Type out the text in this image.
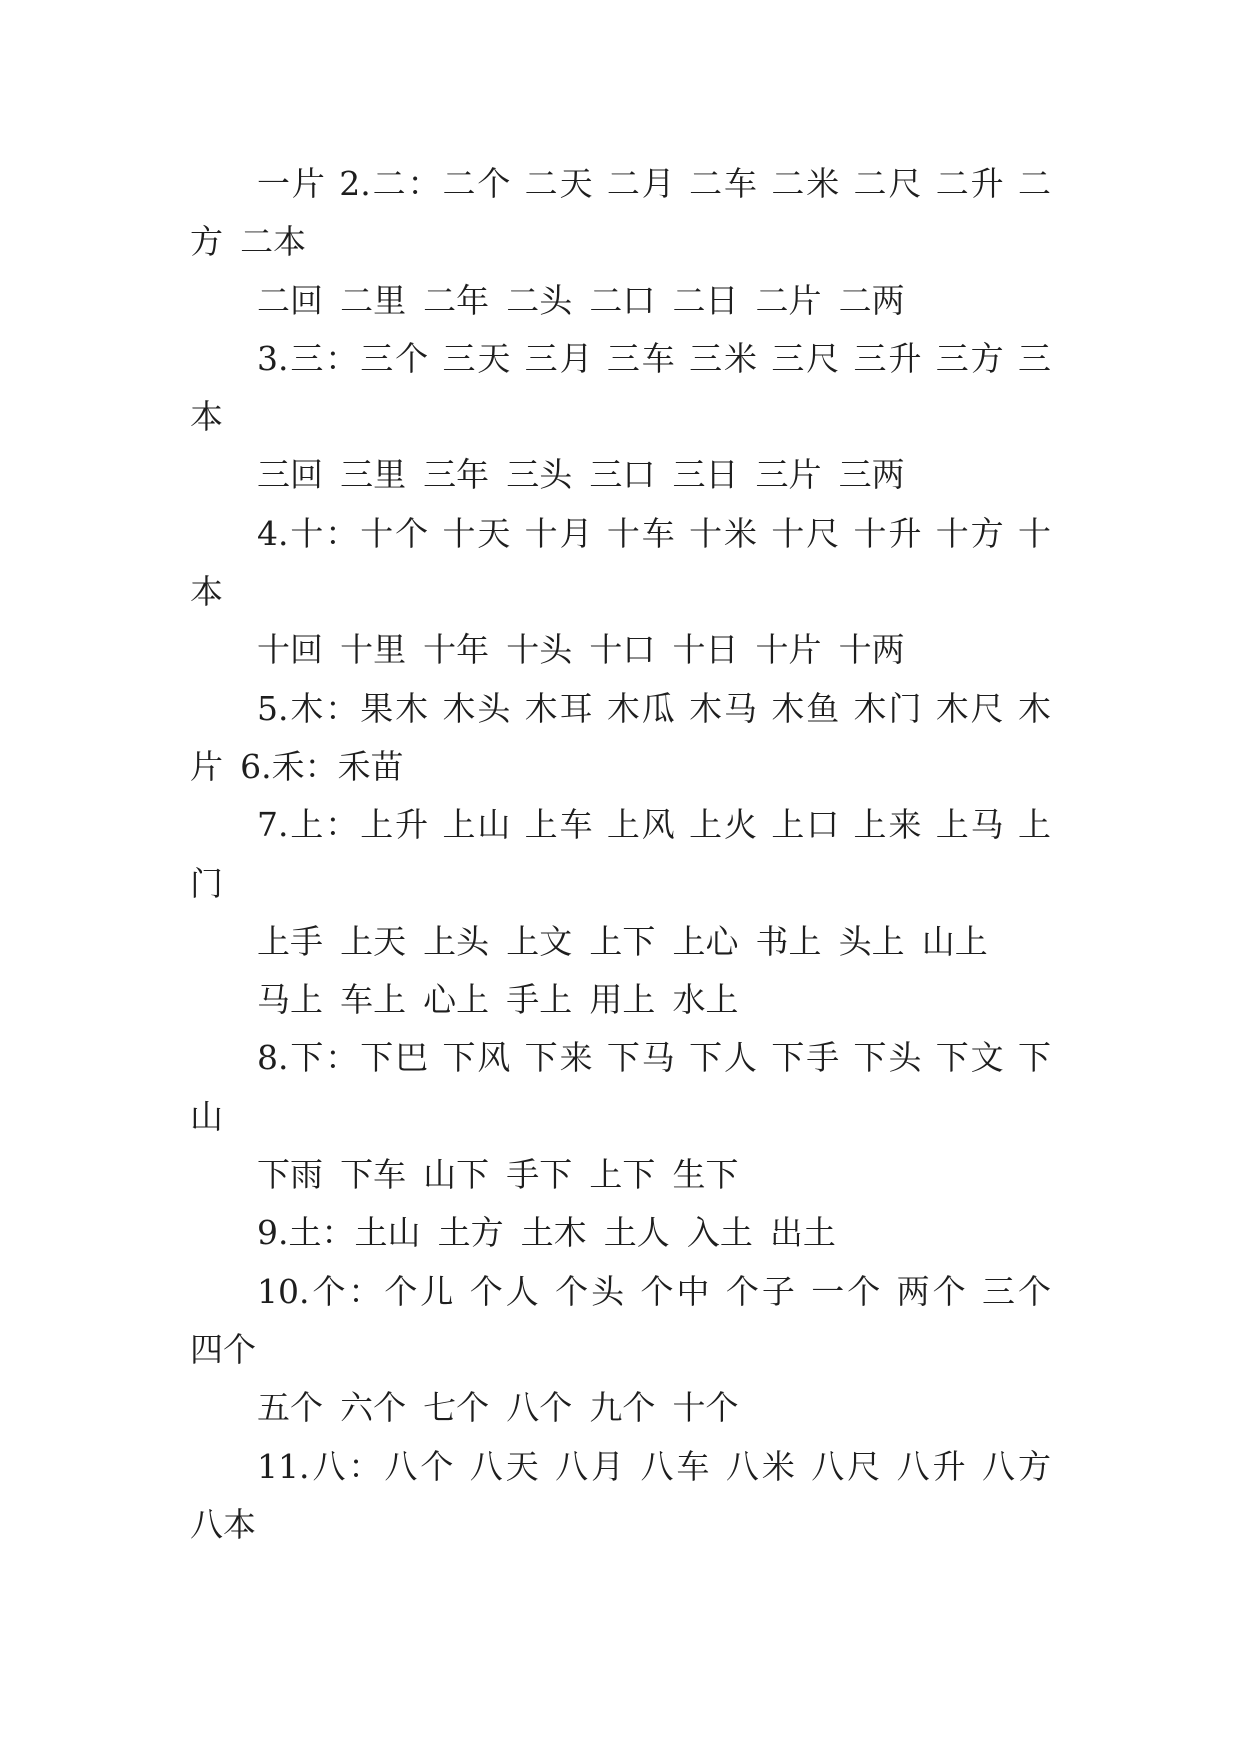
一片 2.二：二个 二天 二月 二车 二米 二尺 二升 二
方 二本
二回 二里 二年 二头 二口 二日 二片 二两
3.三：三个 三天 三月 三车 三米 三尺 三升 三方 三
本
三回 三里 三年 三头 三口 三日 三片 三两
4.十：十个 十天 十月 十车 十米 十尺 十升 十方 十
本
十回 十里 十年 十头 十口 十日 十片 十两
5.木：果木 木头 木耳 木瓜 木马 木鱼 木门 木尺 木
片 6.禾：禾苗
7.上：上升 上山 上车 上风 上火 上口 上来 上马 上
门
上手 上天 上头 上文 上下 上心 书上 头上 山上
马上 车上 心上 手上 用上 水上
8.下：下巴 下风 下来 下马 下人 下手 下头 下文 下
山
下雨 下车 山下 手下 上下 生下
9.土：土山 土方 土木 土人 入土 出土
10.个：个儿 个人 个头 个中 个子 一个 两个 三个
四个
五个 六个 七个 八个 九个 十个
11.八：八个 八天 八月 八车 八米 八尺 八升 八方
八本
